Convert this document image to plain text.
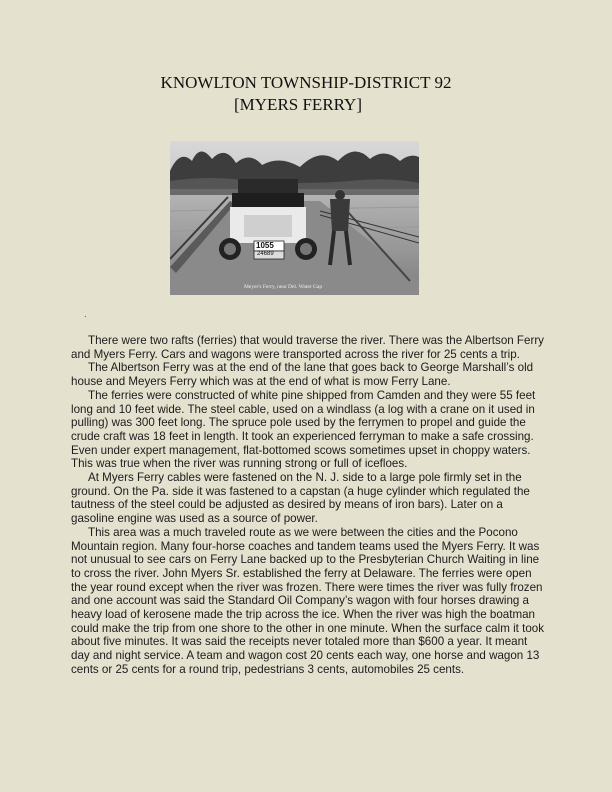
KNOWLTON TOWNSHIP-DISTRICT 92
[MYERS FERRY]
1055
24689
Meyer's Ferry, near Del. Water Gap
.

There were two rafts (ferries) that would traverse the river. There was the Albertson Ferry and Myers Ferry. Cars and wagons were transported across the river for 25 cents a trip.

The Albertson Ferry was at the end of the lane that goes back to George Marshall’s old house and Meyers Ferry which was at the end of what is mow Ferry Lane.

The ferries were constructed of white pine shipped from Camden and they were 55 feet long and 10 feet wide. The steel cable, used on a windlass (a log with a crane on it used in pulling) was 300 feet long. The spruce pole used by the ferrymen to propel and guide the crude craft was 18 feet in length. It took an experienced ferryman to make a safe crossing. Even under expert management, flat-bottomed scows sometimes upset in choppy waters. This was true when the river was running strong or full of icefloes.

At Myers Ferry cables were fastened on the N. J. side to a large pole firmly set in the ground. On the Pa. side it was fastened to a capstan (a huge cylinder which regulated the tautness of the steel could be adjusted as desired by means of iron bars). Later on a gasoline engine was used as a source of power.

This area was a much traveled route as we were between the cities and the Pocono Mountain region. Many four-horse coaches and tandem teams used the Myers Ferry. It was not unusual to see cars on Ferry Lane backed up to the Presbyterian Church Waiting in line to cross the river. John Myers Sr. established the ferry at Delaware. The ferries were open the year round except when the river was frozen. There were times the river was fully frozen and one account was said the Standard Oil Company’s wagon with four horses drawing a heavy load of kerosene made the trip across the ice. When the river was high the boatman could make the trip from one shore to the other in one minute. When the surface calm it took about five minutes. It was said the receipts never totaled more than $600 a year. It meant day and night service. A team and wagon cost 20 cents each way, one horse and wagon 13 cents or 25 cents for a round trip, pedestrians 3 cents, automobiles 25 cents.
